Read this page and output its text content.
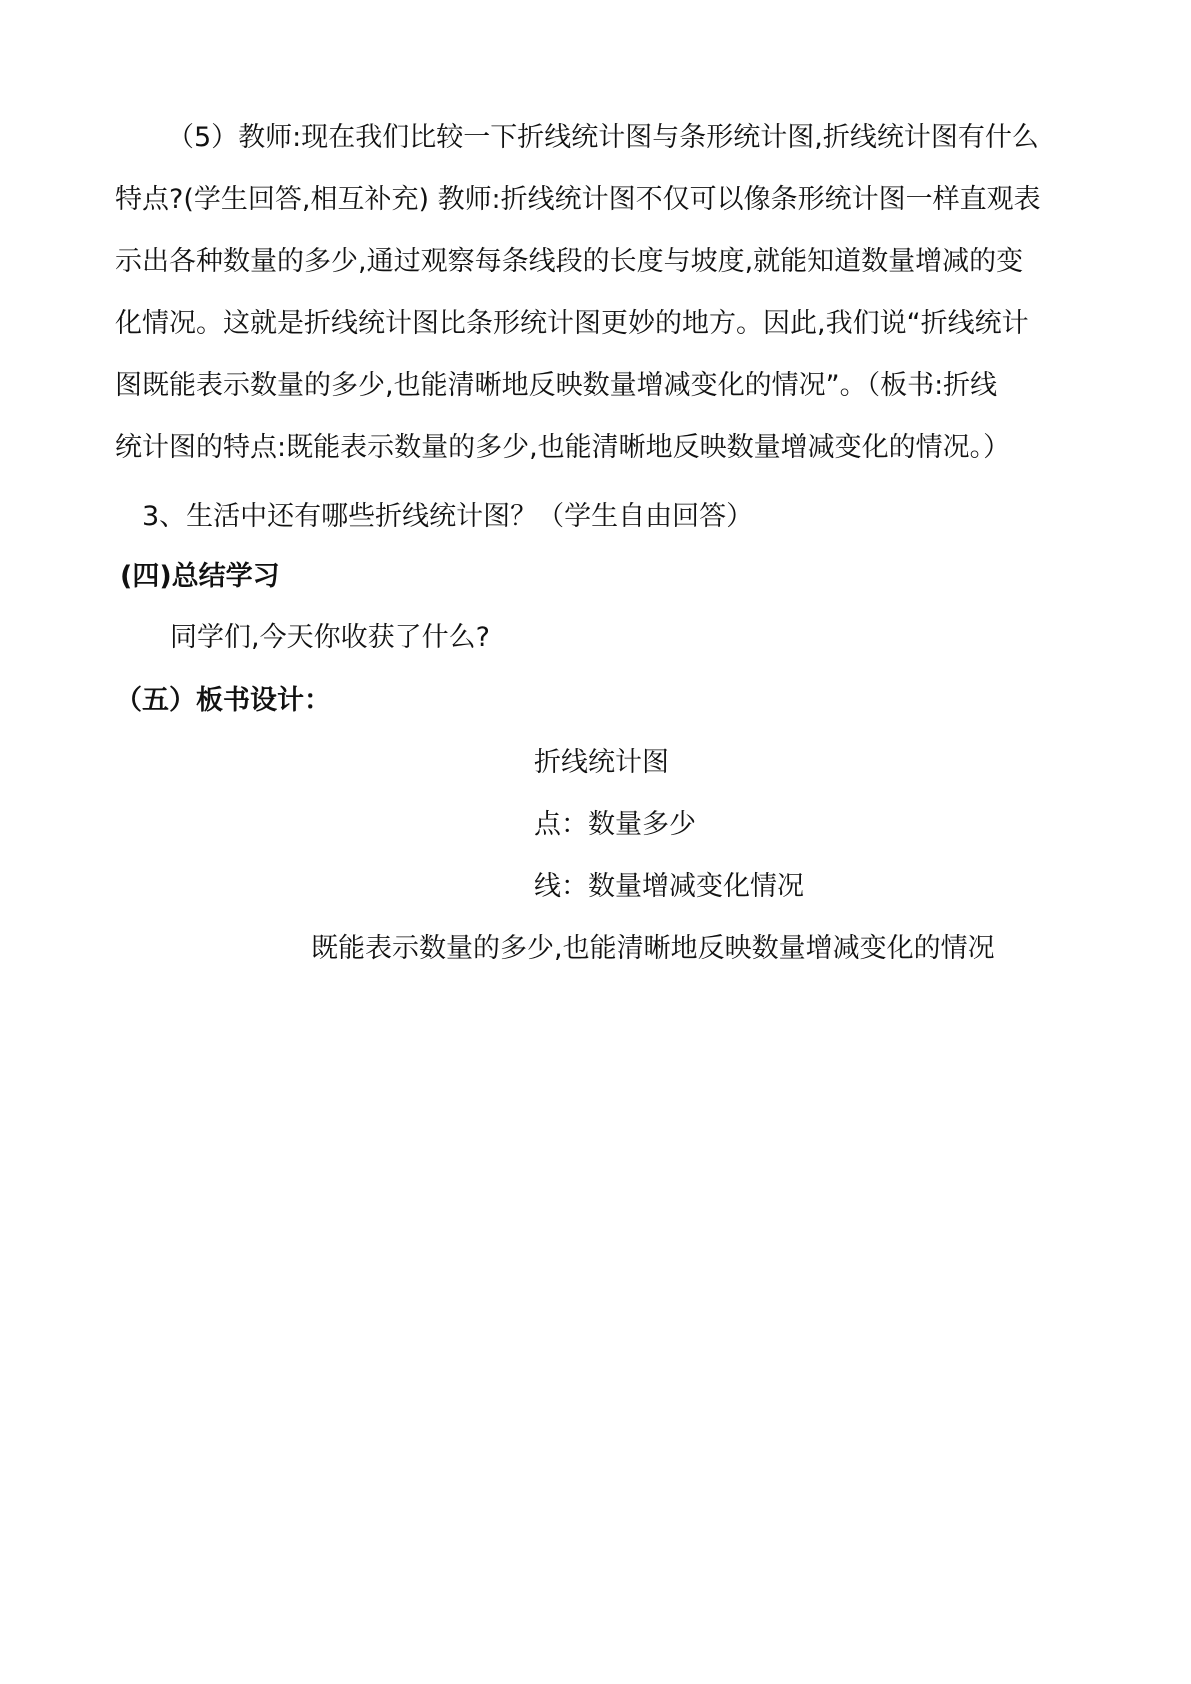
（5）教师:现在我们比较一下折线统计图与条形统计图,折线统计图有什么
特点?(学生回答,相互补充) 教师:折线统计图不仅可以像条形统计图一样直观表
示出各种数量的多少,通过观察每条线段的长度与坡度,就能知道数量增减的变
化情况。这就是折线统计图比条形统计图更妙的地方。因此,我们说“折线统计
图既能表示数量的多少,也能清晰地反映数量增减变化的情况”。（板书:折线
统计图的特点:既能表示数量的多少,也能清晰地反映数量增减变化的情况。）

3、生活中还有哪些折线统计图？（学生自由回答）

(四)总结学习

同学们,今天你收获了什么?

（五）板书设计：

折线统计图

点：数量多少

线：数量增减变化情况

既能表示数量的多少,也能清晰地反映数量增减变化的情况
